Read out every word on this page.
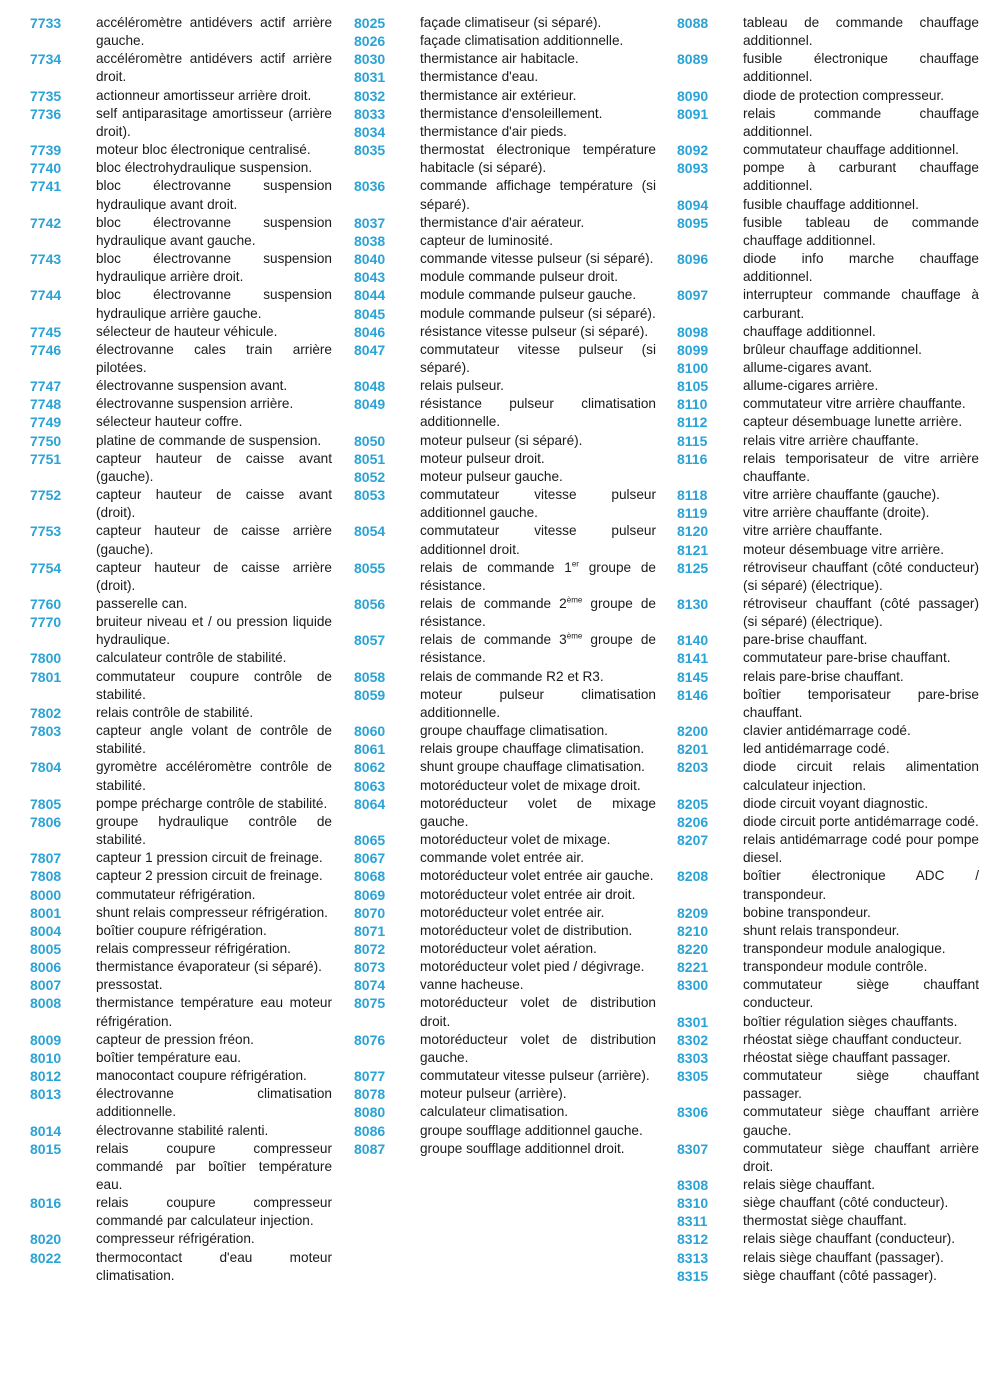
7733	accéléromètre antidévers actif arrière gauche.
7734	accéléromètre antidévers actif arrière droit.
7735	actionneur amortisseur arrière droit.
7736	self antiparasitage amortisseur (arrière droit).
7739	moteur bloc électronique centralisé.
7740	bloc électrohydraulique suspension.
7741	bloc électrovanne suspension hydraulique avant droit.
7742	bloc électrovanne suspension hydraulique avant gauche.
7743	bloc électrovanne suspension hydraulique arrière droit.
7744	bloc électrovanne suspension hydraulique arrière gauche.
7745	sélecteur de hauteur véhicule.
7746	électrovanne cales train arrière pilotées.
7747	électrovanne suspension avant.
7748	électrovanne suspension arrière.
7749	sélecteur hauteur coffre.
7750	platine de commande de suspension.
7751	capteur hauteur de caisse avant (gauche).
7752	capteur hauteur de caisse avant (droit).
7753	capteur hauteur de caisse arrière (gauche).
7754	capteur hauteur de caisse arrière (droit).
7760	passerelle can.
7770	bruiteur niveau et / ou pression liquide hydraulique.
7800	calculateur contrôle de stabilité.
7801	commutateur coupure contrôle de stabilité.
7802	relais contrôle de stabilité.
7803	capteur angle volant de contrôle de stabilité.
7804	gyromètre accéléromètre contrôle de stabilité.
7805	pompe précharge contrôle de stabilité.
7806	groupe hydraulique contrôle de stabilité.
7807	capteur 1 pression circuit de freinage.
7808	capteur 2 pression circuit de freinage.
8000	commutateur réfrigération.
8001	shunt relais compresseur réfrigération.
8004	boîtier coupure réfrigération.
8005	relais compresseur réfrigération.
8006	thermistance évaporateur (si séparé).
8007	pressostat.
8008	thermistance température eau moteur réfrigération.
8009	capteur de pression fréon.
8010	boîtier température eau.
8012	manocontact coupure réfrigération.
8013	électrovanne climatisation additionnelle.
8014	électrovanne stabilité ralenti.
8015	relais coupure compresseur commandé par boîtier température eau.
8016	relais coupure compresseur commandé par calculateur injection.
8020	compresseur réfrigération.
8022	thermocontact d'eau moteur climatisation.
8025	façade climatiseur (si séparé).
8026	façade climatisation additionnelle.
8030	thermistance air habitacle.
8031	thermistance d'eau.
8032	thermistance air extérieur.
8033	thermistance d'ensoleillement.
8034	thermistance d'air pieds.
8035	thermostat électronique température habitacle (si séparé).
8036	commande affichage température (si séparé).
8037	thermistance d'air aérateur.
8038	capteur de luminosité.
8040	commande vitesse pulseur (si séparé).
8043	module commande pulseur droit.
8044	module commande pulseur gauche.
8045	module commande pulseur (si séparé).
8046	résistance vitesse pulseur (si séparé).
8047	commutateur vitesse pulseur (si séparé).
8048	relais pulseur.
8049	résistance pulseur climatisation additionnelle.
8050	moteur pulseur (si séparé).
8051	moteur pulseur droit.
8052	moteur pulseur gauche.
8053	commutateur vitesse pulseur additionnel gauche.
8054	commutateur vitesse pulseur additionnel droit.
8055	relais de commande 1er groupe de résistance.
8056	relais de commande 2ème groupe de résistance.
8057	relais de commande 3ème groupe de résistance.
8058	relais de commande R2 et R3.
8059	moteur pulseur climatisation additionnelle.
8060	groupe chauffage climatisation.
8061	relais groupe chauffage climatisation.
8062	shunt groupe chauffage climatisation.
8063	motoréducteur volet de mixage droit.
8064	motoréducteur volet de mixage gauche.
8065	motoréducteur volet de mixage.
8067	commande volet entrée air.
8068	motoréducteur volet entrée air gauche.
8069	motoréducteur volet entrée air droit.
8070	motoréducteur volet entrée air.
8071	motoréducteur volet de distribution.
8072	motoréducteur volet aération.
8073	motoréducteur volet pied / dégivrage.
8074	vanne hacheuse.
8075	motoréducteur volet de distribution droit.
8076	motoréducteur volet de distribution gauche.
8077	commutateur vitesse pulseur (arrière).
8078	moteur pulseur (arrière).
8080	calculateur climatisation.
8086	groupe soufflage additionnel gauche.
8087	groupe soufflage additionnel droit.
8088	tableau de commande chauffage additionnel.
8089	fusible électronique chauffage additionnel.
8090	diode de protection compresseur.
8091	relais commande chauffage additionnel.
8092	commutateur chauffage additionnel.
8093	pompe à carburant chauffage additionnel.
8094	fusible chauffage additionnel.
8095	fusible tableau de commande chauffage additionnel.
8096	diode info marche chauffage additionnel.
8097	interrupteur commande chauffage à carburant.
8098	chauffage additionnel.
8099	brûleur chauffage additionnel.
8100	allume-cigares avant.
8105	allume-cigares arrière.
8110	commutateur vitre arrière chauffante.
8112	capteur désembuage lunette arrière.
8115	relais vitre arrière chauffante.
8116	relais temporisateur de vitre arrière chauffante.
8118	vitre arrière chauffante (gauche).
8119	vitre arrière chauffante (droite).
8120	vitre arrière chauffante.
8121	moteur désembuage vitre arrière.
8125	rétroviseur chauffant (côté conducteur) (si séparé) (électrique).
8130	rétroviseur chauffant (côté passager) (si séparé) (électrique).
8140	pare-brise chauffant.
8141	commutateur pare-brise chauffant.
8145	relais pare-brise chauffant.
8146	boîtier temporisateur pare-brise chauffant.
8200	clavier antidémarrage codé.
8201	led antidémarrage codé.
8203	diode circuit relais alimentation calculateur injection.
8205	diode circuit voyant diagnostic.
8206	diode circuit porte antidémarrage codé.
8207	relais antidémarrage codé pour pompe diesel.
8208	boîtier électronique ADC / transpondeur.
8209	bobine transpondeur.
8210	shunt relais transpondeur.
8220	transpondeur module analogique.
8221	transpondeur module contrôle.
8300	commutateur siège chauffant conducteur.
8301	boîtier régulation sièges chauffants.
8302	rhéostat siège chauffant conducteur.
8303	rhéostat siège chauffant passager.
8305	commutateur siège chauffant passager.
8306	commutateur siège chauffant arrière gauche.
8307	commutateur siège chauffant arrière droit.
8308	relais siège chauffant.
8310	siège chauffant (côté conducteur).
8311	thermostat siège chauffant.
8312	relais siège chauffant (conducteur).
8313	relais siège chauffant (passager).
8315	siège chauffant (côté passager).
